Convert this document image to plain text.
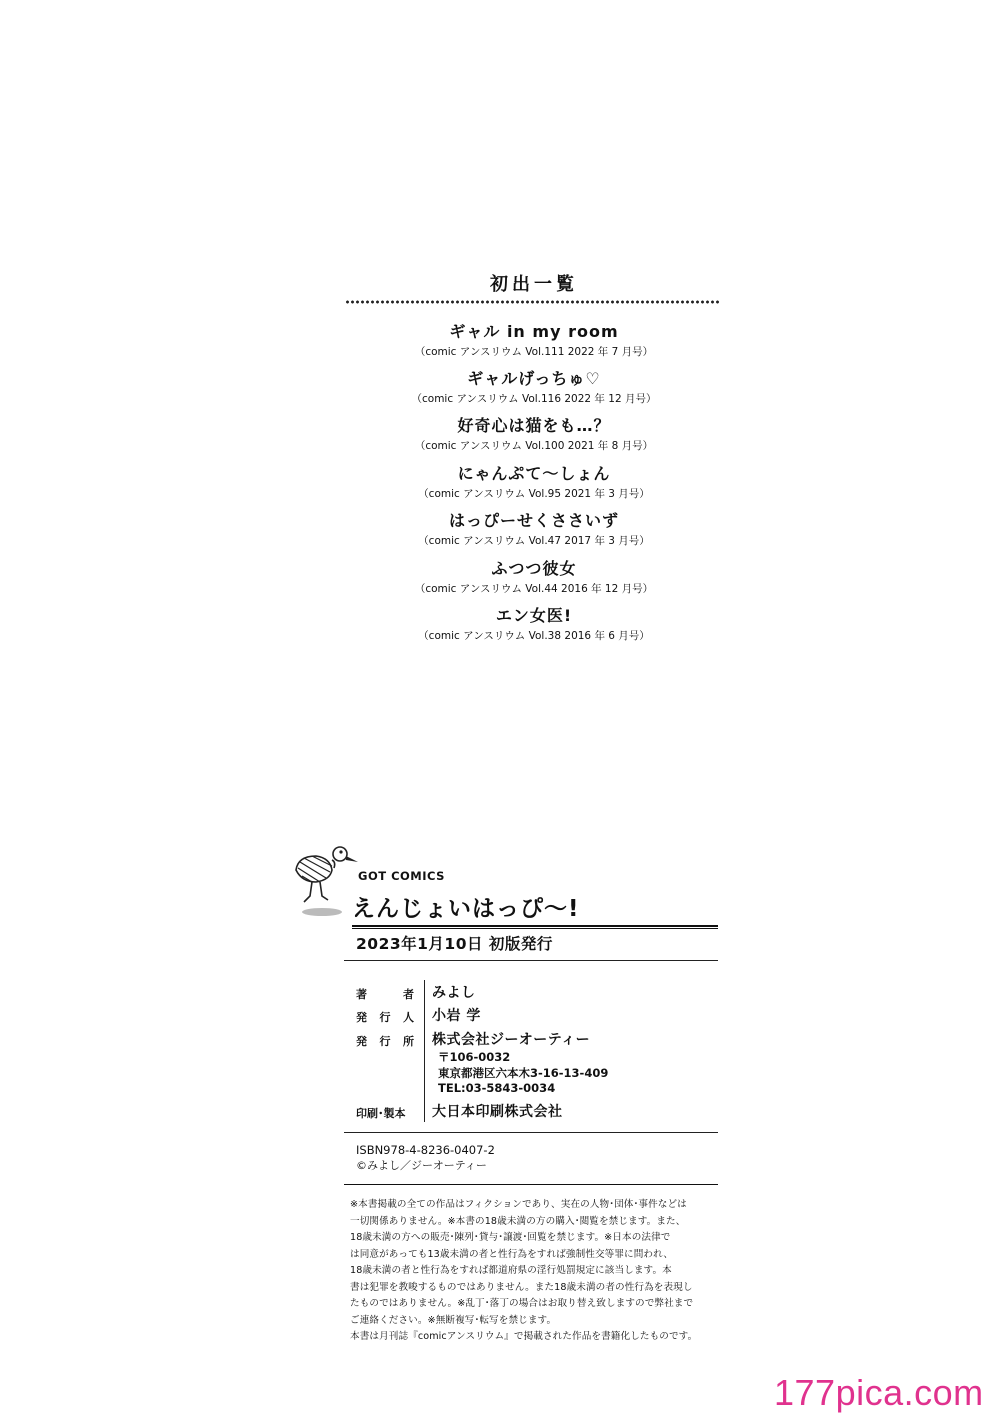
初出一覧
ギャル in my room
（comic アンスリウム Vol.111 2022 年 7 月号）
ギャルげっちゅ♡
（comic アンスリウム Vol.116 2022 年 12 月号）
好奇心は猫をも…？
（comic アンスリウム Vol.100 2021 年 8 月号）
にゃんぷて～しょん
（comic アンスリウム Vol.95 2021 年 3 月号）
はっぴーせくささいず
（comic アンスリウム Vol.47 2017 年 3 月号）
ふつつ彼女
（comic アンスリウム Vol.44 2016 年 12 月号）
エン女医!
（comic アンスリウム Vol.38 2016 年 6 月号）
GOT COMICS
えんじょいはっぴ～!
2023年1月10日 初版発行
著	者 みよし
発 行 人 小岩 学
発 行 所 株式会社ジーオーティー
〒106-0032
東京都港区六本木3-16-13-409
TEL:03-5843-0034
印刷･製本	大日本印刷株式会社
ISBN978-4-8236-0407-2
©みよし／ジーオーティー
※本書掲載の全ての作品はフィクションであり、実在の人物･団体･事件などは
一切関係ありません。※本書の18歳未満の方の購入･閲覧を禁じます。また、
18歳未満の方への販売･陳列･貸与･譲渡･回覧を禁じます。※日本の法律で
は同意があっても13歳未満の者と性行為をすれば強制性交等罪に問われ、
18歳未満の者と性行為をすれば都道府県の淫行処罰規定に該当します。本
書は犯罪を教唆するものではありません。また18歳未満の者の性行為を表現し
たものではありません。※乱丁･落丁の場合はお取り替え致しますので弊社まで
ご連絡ください。※無断複写･転写を禁じます。
本書は月刊誌『comicアンスリウム』で掲載された作品を書籍化したものです。
177pica.com
